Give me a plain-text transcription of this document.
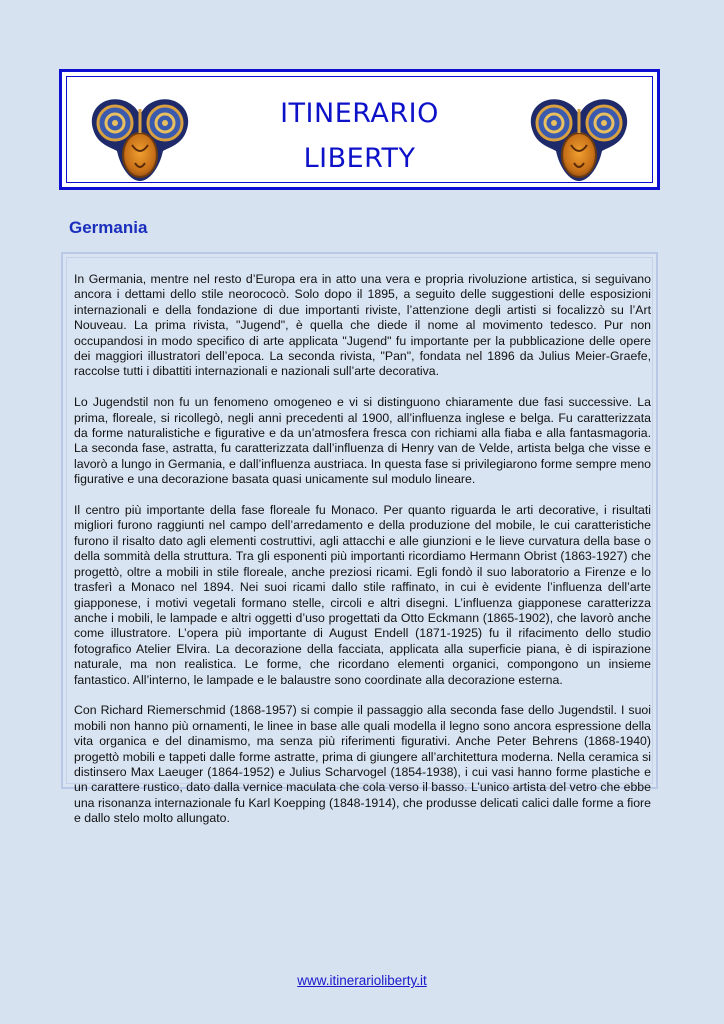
ITINERARIO
LIBERTY
Germania

In Germania, mentre nel resto d’Europa era in atto una vera e propria rivoluzione artistica, si seguivano ancora i dettami dello stile neorococò. Solo dopo il 1895, a seguito delle suggestioni delle esposizioni internazionali e della fondazione di due importanti riviste, l’attenzione degli artisti si focalizzò su l’Art Nouveau. La prima rivista, "Jugend", è quella che diede il nome al movimento tedesco. Pur non occupandosi in modo specifico di arte applicata "Jugend" fu importante per la pubblicazione delle opere dei maggiori illustratori dell’epoca. La seconda rivista, "Pan", fondata nel 1896 da Julius Meier-Graefe, raccolse tutti i dibattiti internazionali e nazionali sull’arte decorativa.

Lo Jugendstil non fu un fenomeno omogeneo e vi si distinguono chiaramente due fasi successive. La prima, floreale, si ricollegò, negli anni precedenti al 1900, all’influenza inglese e belga. Fu caratterizzata da forme naturalistiche e figurative e da un’atmosfera fresca con richiami alla fiaba e alla fantasmagoria. La seconda fase, astratta, fu caratterizzata dall’influenza di Henry van de Velde, artista belga che visse e lavorò a lungo in Germania, e dall’influenza austriaca. In questa fase si privilegiarono forme sempre meno figurative e una decorazione basata quasi unicamente sul modulo lineare.

Il centro più importante della fase floreale fu Monaco. Per quanto riguarda le arti decorative, i risultati migliori furono raggiunti nel campo dell’arredamento e della produzione del mobile, le cui caratteristiche furono il risalto dato agli elementi costruttivi, agli attacchi e alle giunzioni e le lieve curvatura della base o della sommità della struttura. Tra gli esponenti più importanti ricordiamo Hermann Obrist (1863-1927) che progettò, oltre a mobili in stile floreale, anche preziosi ricami. Egli fondò il suo laboratorio a Firenze e lo trasferì a Monaco nel 1894. Nei suoi ricami dallo stile raffinato, in cui è evidente l’influenza dell’arte giapponese, i motivi vegetali formano stelle, circoli e altri disegni. L’influenza giapponese caratterizza anche i mobili, le lampade e altri oggetti d’uso progettati da Otto Eckmann (1865-1902), che lavorò anche come illustratore. L’opera più importante di August Endell (1871-1925) fu il rifacimento dello studio fotografico Atelier Elvira. La decorazione della facciata, applicata alla superficie piana, è di ispirazione naturale, ma non realistica. Le forme, che ricordano elementi organici, compongono un insieme fantastico. All’interno, le lampade e le balaustre sono coordinate alla decorazione esterna.

Con Richard Riemerschmid (1868-1957) si compie il passaggio alla seconda fase dello Jugendstil. I suoi mobili non hanno più ornamenti, le linee in base alle quali modella il legno sono ancora espressione della vita organica e del dinamismo, ma senza più riferimenti figurativi. Anche Peter Behrens (1868-1940) progettò mobili e tappeti dalle forme astratte, prima di giungere all’architettura moderna. Nella ceramica si distinsero Max Laeuger (1864-1952) e Julius Scharvogel (1854-1938), i cui vasi hanno forme plastiche e un carattere rustico, dato dalla vernice maculata che cola verso il basso. L’unico artista del vetro che ebbe una risonanza internazionale fu Karl Koepping (1848-1914), che produsse delicati calici dalle forme a fiore e dallo stelo molto allungato.

www.itinerarioliberty.it
